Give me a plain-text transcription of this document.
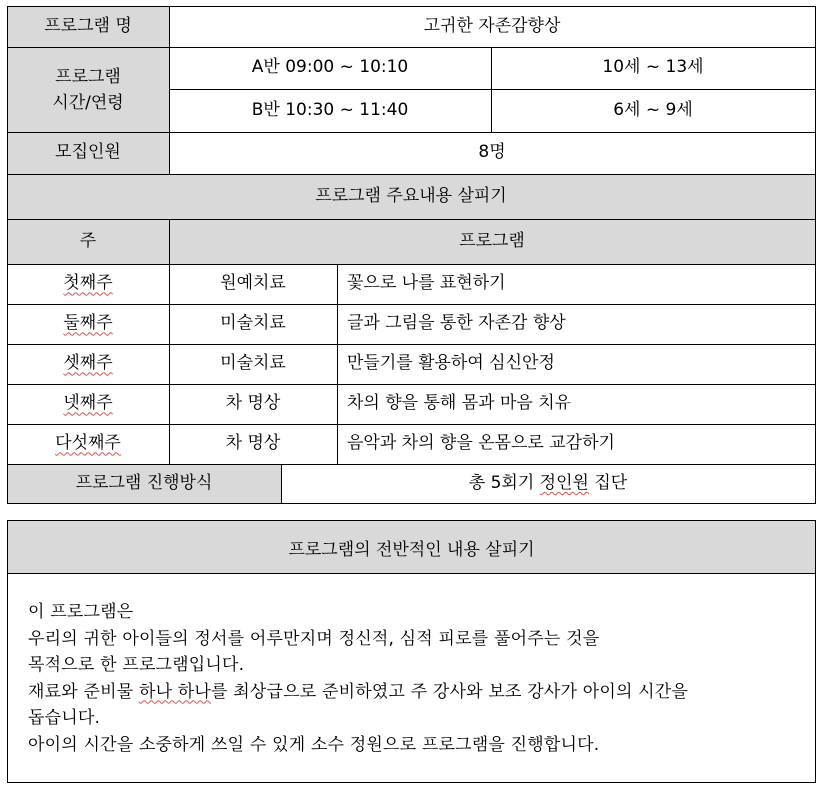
프로그램 명	고귀한 자존감향상
프로그램
시간/연령
A반 09:00 ~ 10:10	10세 ~ 13세
B반 10:30 ~ 11:40	6세 ~ 9세
모집인원	8명
프로그램 주요내용 살피기
주	프로그램
첫째주	원예치료	꽃으로 나를 표현하기
둘째주	미술치료	글과 그림을 통한 자존감 향상
셋째주	미술치료	만들기를 활용하여 심신안정
넷째주	차 명상	차의 향을 통해 몸과 마음 치유
다섯째주	차 명상	음악과 차의 향을 온몸으로 교감하기
프로그램 진행방식	총 5회기 정인원 집단
프로그램의 전반적인 내용 살피기
이 프로그램은
우리의 귀한 아이들의 정서를 어루만지며 정신적, 심적 피로를 풀어주는 것을
목적으로 한 프로그램입니다.
재료와 준비물 하나 하나를 최상급으로 준비하였고 주 강사와 보조 강사가 아이의 시간을
돕습니다.
아이의 시간을 소중하게 쓰일 수 있게 소수 정원으로 프로그램을 진행합니다.
